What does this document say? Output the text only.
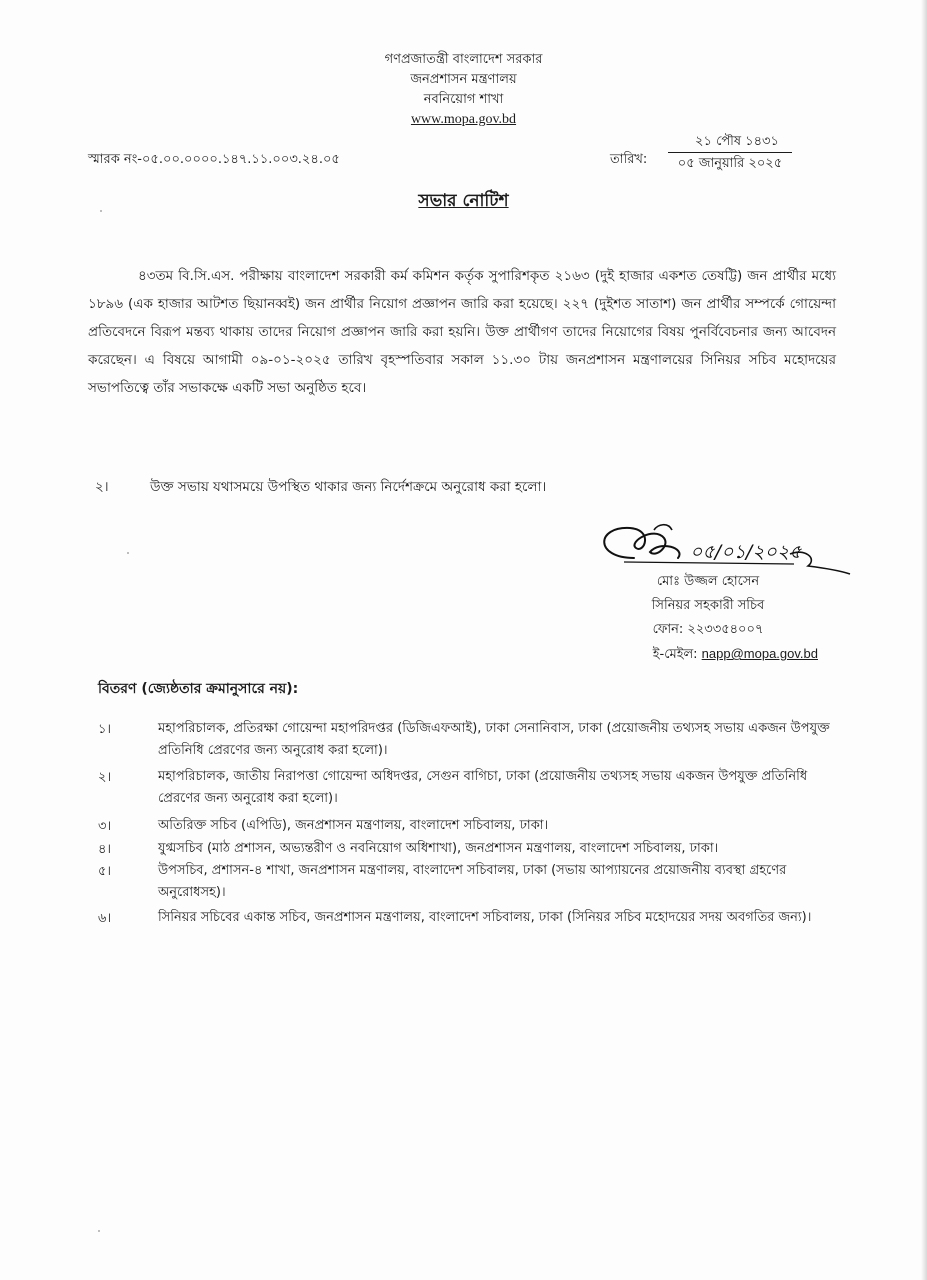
গণপ্রজাতন্ত্রী বাংলাদেশ সরকার
জনপ্রশাসন মন্ত্রণালয়
নবনিয়োগ শাখা
www.mopa.gov.bd
স্মারক নং-০৫.০০.০০০০.১৪৭.১১.০০৩.২৪.০৫	তারিখ:
২১ পৌষ ১৪৩১
০৫ জানুয়ারি ২০২৫
সভার নোটিশ
৪৩তম বি.সি.এস. পরীক্ষায় বাংলাদেশ সরকারী কর্ম কমিশন কর্তৃক সুপারিশকৃত ২১৬৩ (দুই হাজার একশত তেষট্টি) জন প্রার্থীর মধ্যে ১৮৯৬ (এক হাজার আটশত ছিয়ানব্বই) জন প্রার্থীর নিয়োগ প্রজ্ঞাপন জারি করা হয়েছে। ২২৭ (দুইশত সাতাশ) জন প্রার্থীর সম্পর্কে গোয়েন্দা প্রতিবেদনে বিরূপ মন্তব্য থাকায় তাদের নিয়োগ প্রজ্ঞাপন জারি করা হয়নি। উক্ত প্রার্থীগণ তাদের নিয়োগের বিষয় পুনর্বিবেচনার জন্য আবেদন করেছেন। এ বিষয়ে আগামী ০৯-০১-২০২৫ তারিখ বৃহস্পতিবার সকাল ১১.৩০ টায় জনপ্রশাসন মন্ত্রণালয়ের সিনিয়র সচিব মহোদয়ের সভাপতিত্বে তাঁর সভাকক্ষে একটি সভা অনুষ্ঠিত হবে।
২।	উক্ত সভায় যথাসময়ে উপস্থিত থাকার জন্য নির্দেশক্রমে অনুরোধ করা হলো।
০৫/০১/২০২৫
মোঃ উজ্জল হোসেন
সিনিয়র সহকারী সচিব
ফোন: ২২৩৩৫৪০০৭
ই-মেইল: napp@mopa.gov.bd
বিতরণ (জ্যেষ্ঠতার ক্রমানুসারে নয়):
১।	মহাপরিচালক, প্রতিরক্ষা গোয়েন্দা মহাপরিদপ্তর (ডিজিএফআই), ঢাকা সেনানিবাস, ঢাকা (প্রয়োজনীয় তথ্যসহ সভায় একজন উপযুক্ত প্রতিনিধি প্রেরণের জন্য অনুরোধ করা হলো)।
২।	মহাপরিচালক, জাতীয় নিরাপত্তা গোয়েন্দা অধিদপ্তর, সেগুন বাগিচা, ঢাকা (প্রয়োজনীয় তথ্যসহ সভায় একজন উপযুক্ত প্রতিনিধি প্রেরণের জন্য অনুরোধ করা হলো)।
৩।	অতিরিক্ত সচিব (এপিডি), জনপ্রশাসন মন্ত্রণালয়, বাংলাদেশ সচিবালয়, ঢাকা।
৪।	যুগ্মসচিব (মাঠ প্রশাসন, অভ্যন্তরীণ ও নবনিয়োগ অধিশাখা), জনপ্রশাসন মন্ত্রণালয়, বাংলাদেশ সচিবালয়, ঢাকা।
৫।	উপসচিব, প্রশাসন-৪ শাখা, জনপ্রশাসন মন্ত্রণালয়, বাংলাদেশ সচিবালয়, ঢাকা (সভায় আপ্যায়নের প্রয়োজনীয় ব্যবস্থা গ্রহণের অনুরোধসহ)।
৬।	সিনিয়র সচিবের একান্ত সচিব, জনপ্রশাসন মন্ত্রণালয়, বাংলাদেশ সচিবালয়, ঢাকা (সিনিয়র সচিব মহোদয়ের সদয় অবগতির জন্য)।
